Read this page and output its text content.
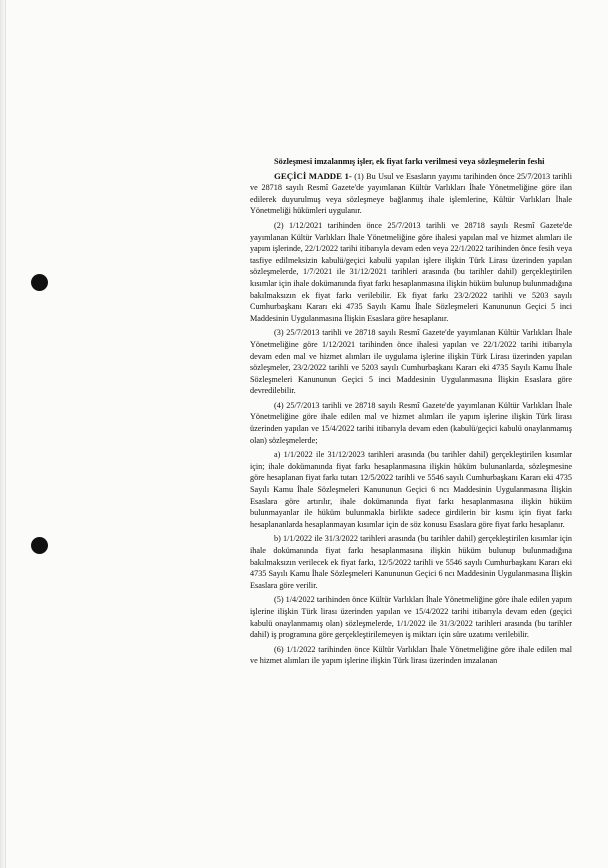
Sözleşmesi imzalanmış işler, ek fiyat farkı verilmesi veya sözleşmelerin feshi

GEÇİCİ MADDE 1- (1) Bu Usul ve Esasların yayımı tarihinden önce 25/7/2013 tarihli ve 28718 sayılı Resmî Gazete'de yayımlanan Kültür Varlıkları İhale Yönetmeliğine göre ilan edilerek duyurulmuş veya sözleşmeye bağlanmış ihale işlemlerine, Kültür Varlıkları İhale Yönetmeliği hükümleri uygulanır.

(2) 1/12/2021 tarihinden önce 25/7/2013 tarihli ve 28718 sayılı Resmî Gazete'de yayımlanan Kültür Varlıkları İhale Yönetmeliğine göre ihalesi yapılan mal ve hizmet alımları ile yapım işlerinde, 22/1/2022 tarihi itibarıyla devam eden veya 22/1/2022 tarihinden önce fesih veya tasfiye edilmeksizin kabulü/geçici kabulü yapılan işlere ilişkin Türk Lirası üzerinden yapılan sözleşmelerde, 1/7/2021 ile 31/12/2021 tarihleri arasında (bu tarihler dahil) gerçekleştirilen kısımlar için ihale dokümanında fiyat farkı hesaplanmasına ilişkin hüküm bulunup bulunmadığına bakılmaksızın ek fiyat farkı verilebilir. Ek fiyat farkı 23/2/2022 tarihli ve 5203 sayılı Cumhurbaşkanı Kararı eki 4735 Sayılı Kamu İhale Sözleşmeleri Kanununun Geçici 5 inci Maddesinin Uygulanmasına İlişkin Esaslara göre hesaplanır.

(3) 25/7/2013 tarihli ve 28718 sayılı Resmî Gazete'de yayımlanan Kültür Varlıkları İhale Yönetmeliğine göre 1/12/2021 tarihinden önce ihalesi yapılan ve 22/1/2022 tarihi itibarıyla devam eden mal ve hizmet alımları ile uygulama işlerine ilişkin Türk Lirası üzerinden yapılan sözleşmeler, 23/2/2022 tarihli ve 5203 sayılı Cumhurbaşkanı Kararı eki 4735 Sayılı Kamu İhale Sözleşmeleri Kanununun Geçici 5 inci Maddesinin Uygulanmasına İlişkin Esaslara göre devredilebilir.

(4) 25/7/2013 tarihli ve 28718 sayılı Resmî Gazete'de yayımlanan Kültür Varlıkları İhale Yönetmeliğine göre ihale edilen mal ve hizmet alımları ile yapım işlerine ilişkin Türk lirası üzerinden yapılan ve 15/4/2022 tarihi itibarıyla devam eden (kabulü/geçici kabulü onaylanmamış olan) sözleşmelerde;

a) 1/1/2022 ile 31/12/2023 tarihleri arasında (bu tarihler dahil) gerçekleştirilen kısımlar için; ihale dokümanında fiyat farkı hesaplanmasına ilişkin hüküm bulunanlarda, sözleşmesine göre hesaplanan fiyat farkı tutarı 12/5/2022 tarihli ve 5546 sayılı Cumhurbaşkanı Kararı eki 4735 Sayılı Kamu İhale Sözleşmeleri Kanununun Geçici 6 ncı Maddesinin Uygulanmasına İlişkin Esaslara göre artırılır, ihale dokümanında fiyat farkı hesaplanmasına ilişkin hüküm bulunmayanlar ile hüküm bulunmakla birlikte sadece girdilerin bir kısmı için fiyat farkı hesaplananlarda hesaplanmayan kısımlar için de söz konusu Esaslara göre fiyat farkı hesaplanır.

b) 1/1/2022 ile 31/3/2022 tarihleri arasında (bu tarihler dahil) gerçekleştirilen kısımlar için ihale dokümanında fiyat farkı hesaplanmasına ilişkin hüküm bulunup bulunmadığına bakılmaksızın verilecek ek fiyat farkı, 12/5/2022 tarihli ve 5546 sayılı Cumhurbaşkanı Kararı eki 4735 Sayılı Kamu İhale Sözleşmeleri Kanununun Geçici 6 ncı Maddesinin Uygulanmasına İlişkin Esaslara göre verilir.

(5) 1/4/2022 tarihinden önce Kültür Varlıkları İhale Yönetmeliğine göre ihale edilen yapım işlerine ilişkin Türk lirası üzerinden yapılan ve 15/4/2022 tarihi itibarıyla devam eden (geçici kabulü onaylanmamış olan) sözleşmelerde, 1/1/2022 ile 31/3/2022 tarihleri arasında (bu tarihler dahil) iş programına göre gerçekleştirilemeyen iş miktarı için süre uzatımı verilebilir.

(6) 1/1/2022 tarihinden önce Kültür Varlıkları İhale Yönetmeliğine göre ihale edilen mal ve hizmet alımları ile yapım işlerine ilişkin Türk lirası üzerinden imzalanan
